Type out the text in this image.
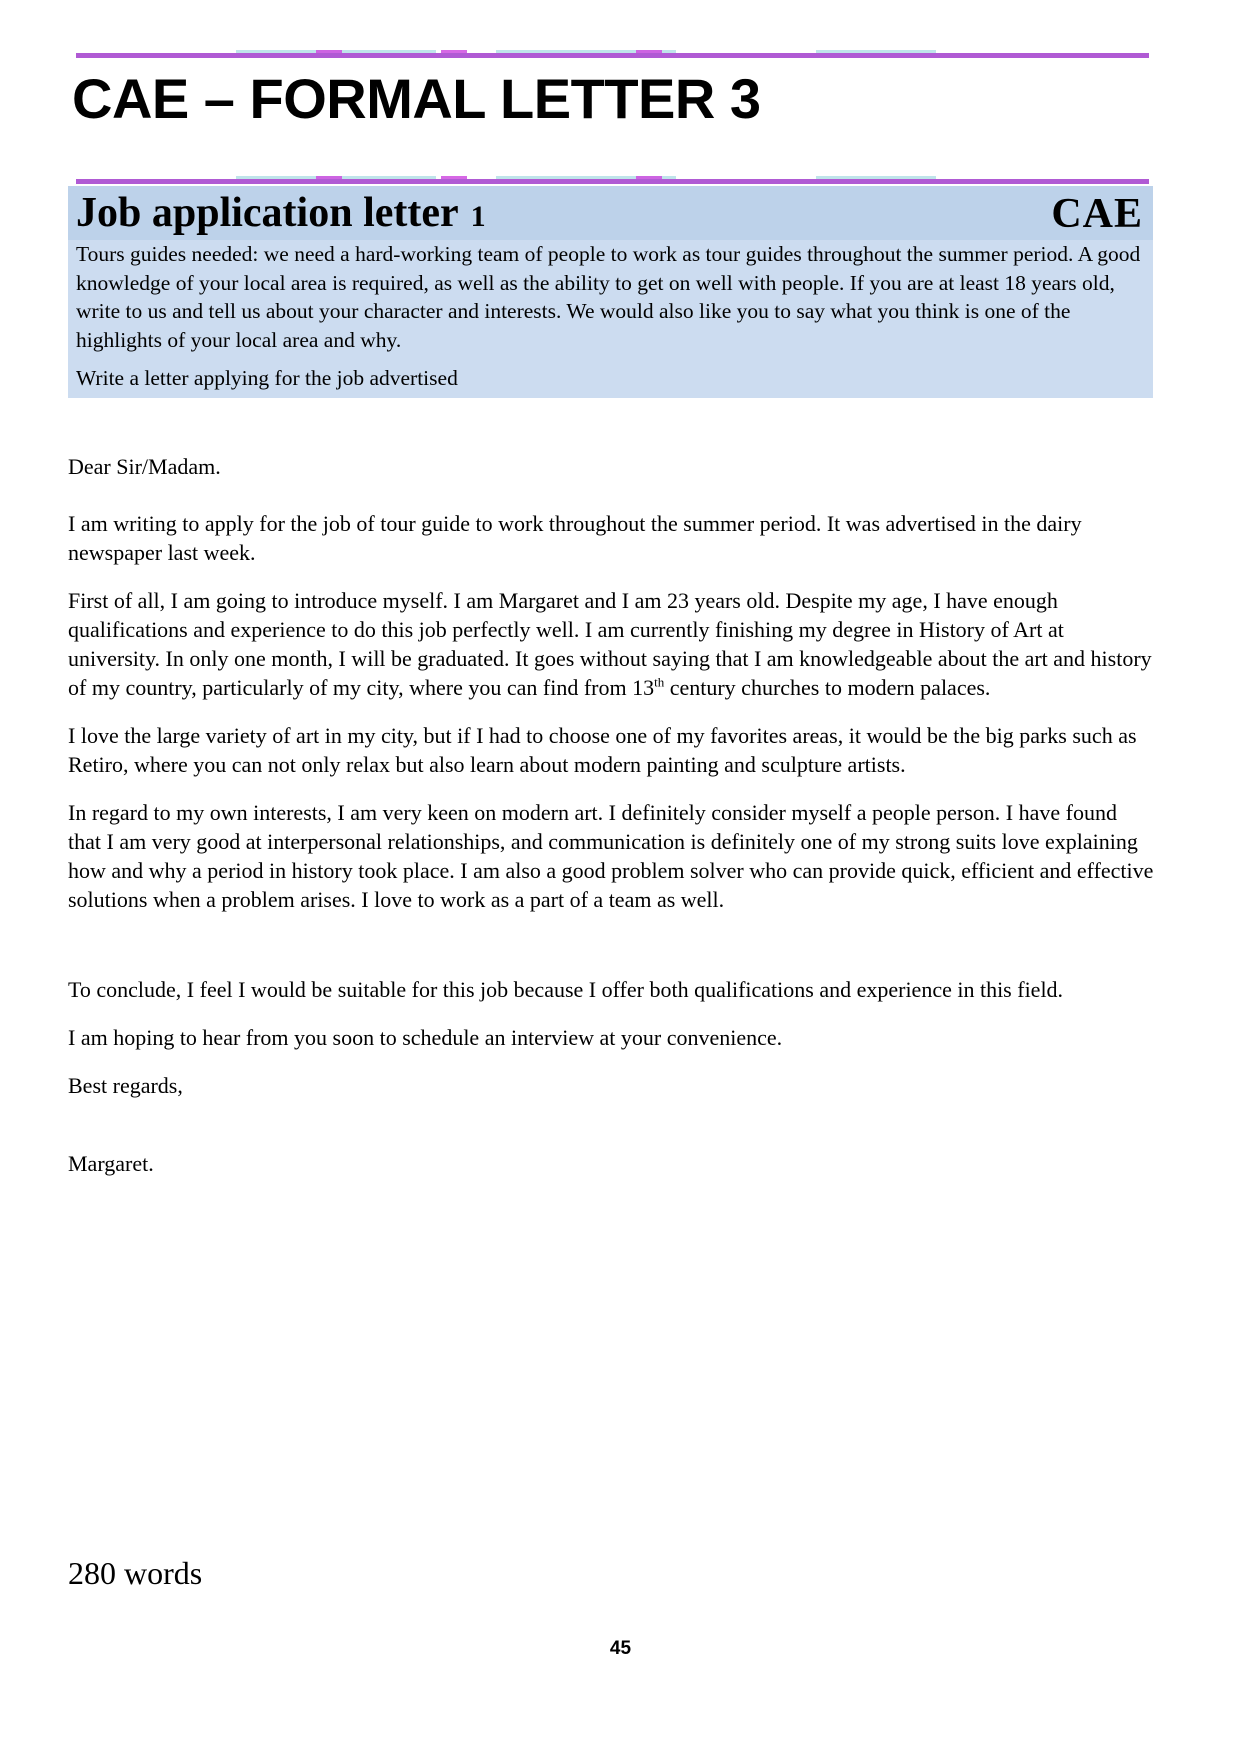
CAE – FORMAL LETTER 3
Job application letter 1	CAE
Tours guides needed: we need a hard-working team of people to work as tour guides throughout the summer period. A good knowledge of your local area is required, as well as the ability to get on well with people. If you are at least 18 years old, write to us and tell us about your character and interests. We would also like you to say what you think is one of the highlights of your local area and why.
Write a letter applying for the job advertised

Dear Sir/Madam.

I am writing to apply for the job of tour guide to work throughout the summer period. It was advertised in the dairy newspaper last week.

First of all, I am going to introduce myself. I am Margaret and I am 23 years old. Despite my age, I have enough qualifications and experience to do this job perfectly well. I am currently finishing my degree in History of Art at university. In only one month, I will be graduated. It goes without saying that I am knowledgeable about the art and history of my country, particularly of my city, where you can find from 13th century churches to modern palaces.

I love the large variety of art in my city, but if I had to choose one of my favorites areas, it would be the big parks such as Retiro, where you can not only relax but also learn about modern painting and sculpture artists.

In regard to my own interests, I am very keen on modern art. I definitely consider myself a people person. I have found that I am very good at interpersonal relationships, and communication is definitely one of my strong suits love explaining how and why a period in history took place. I am also a good problem solver who can provide quick, efficient and effective solutions when a problem arises. I love to work as a part of a team as well.

To conclude, I feel I would be suitable for this job because I offer both qualifications and experience in this field.

I am hoping to hear from you soon to schedule an interview at your convenience.

Best regards,

Margaret.

280 words
45
